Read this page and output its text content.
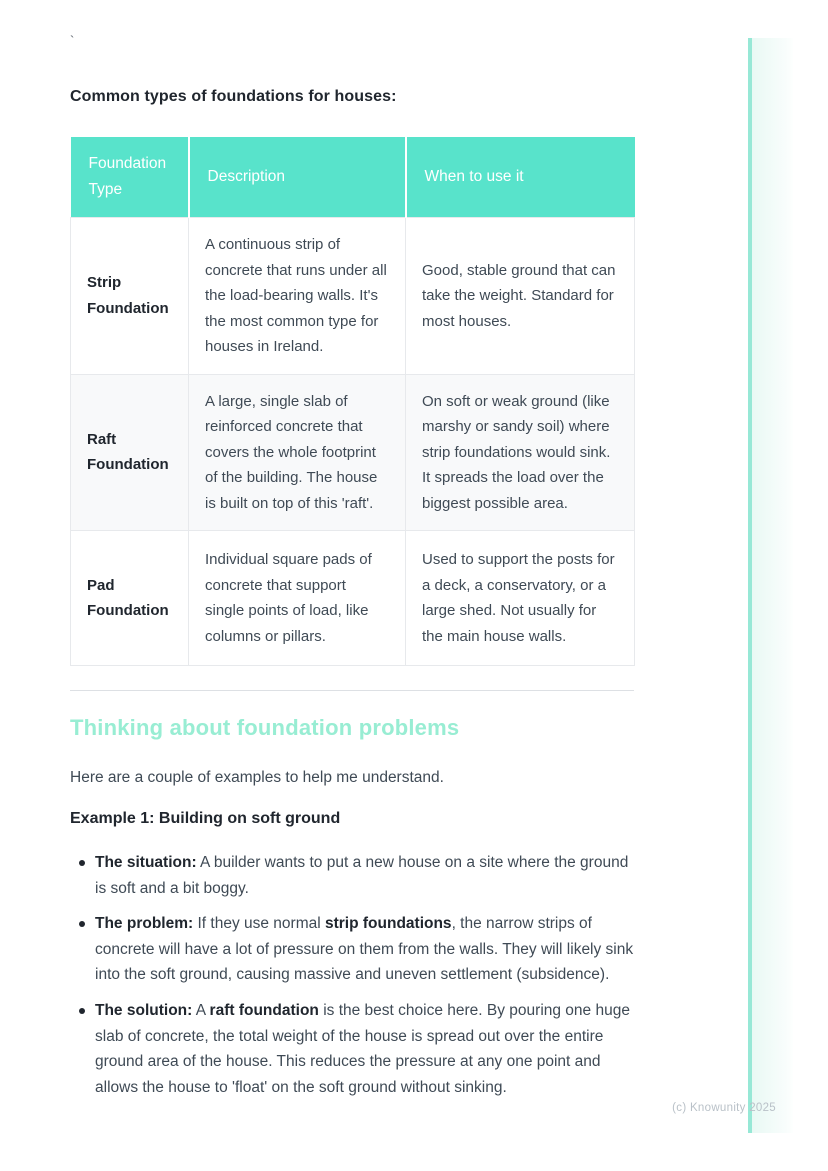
`
Common types of foundations for houses:
Foundation Type	Description	When to use it
Strip Foundation	A continuous strip of concrete that runs under all the load-bearing walls. It's the most common type for houses in Ireland.	Good, stable ground that can take the weight. Standard for most houses.
Raft Foundation	A large, single slab of reinforced concrete that covers the whole footprint of the building. The house is built on top of this 'raft'.	On soft or weak ground (like marshy or sandy soil) where strip foundations would sink. It spreads the load over the biggest possible area.
Pad Foundation	Individual square pads of concrete that support single points of load, like columns or pillars.	Used to support the posts for a deck, a conservatory, or a large shed. Not usually for the main house walls.
Thinking about foundation problems

Here are a couple of examples to help me understand.

Example 1: Building on soft ground
The situation: A builder wants to put a new house on a site where the ground is soft and a bit boggy.
The problem: If they use normal strip foundations, the narrow strips of concrete will have a lot of pressure on them from the walls. They will likely sink into the soft ground, causing massive and uneven settlement (subsidence).
The solution: A raft foundation is the best choice here. By pouring one huge slab of concrete, the total weight of the house is spread out over the entire ground area of the house. This reduces the pressure at any one point and allows the house to 'float' on the soft ground without sinking.
(c) Knowunity 2025
